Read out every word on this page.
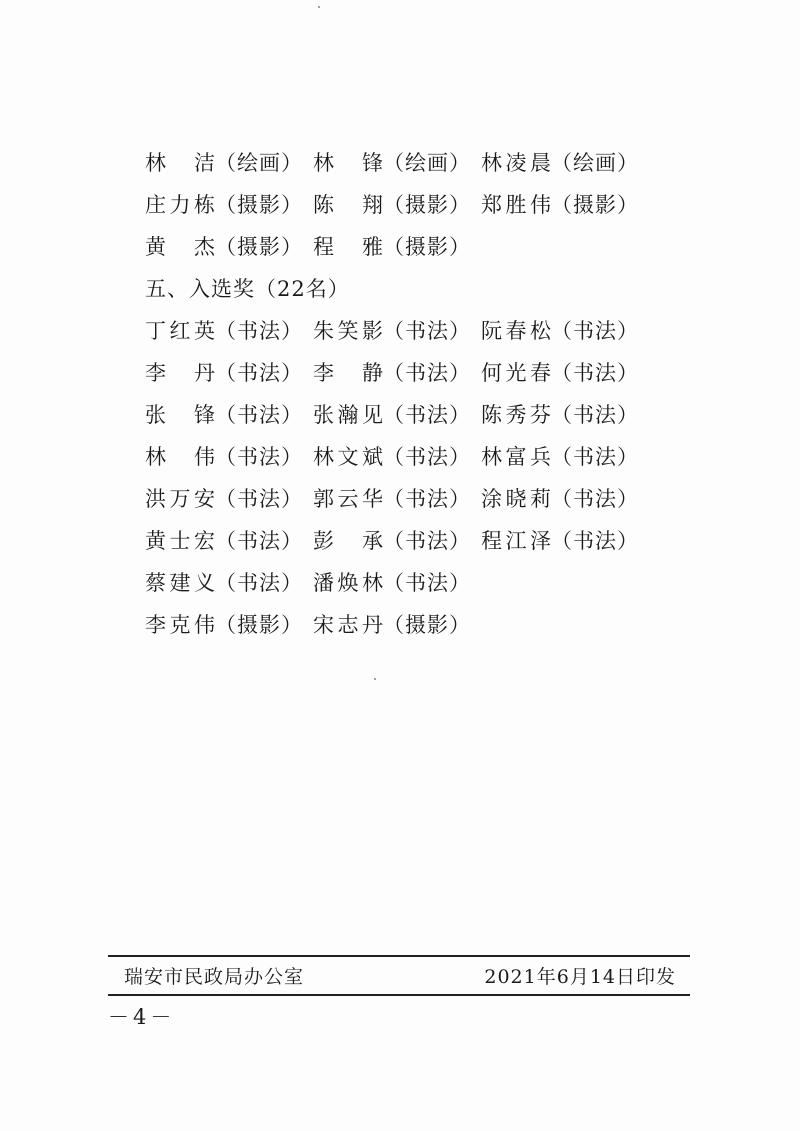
林　洁 （绘画） 林　锋 （绘画） 林凌晨 （绘画）
庄力栋 （摄影） 陈　翔 （摄影） 郑胜伟 （摄影）
黄　杰 （摄影） 程　雅 （摄影）
五、入选奖（22名）
丁红英 （书法） 朱笑影 （书法） 阮春松 （书法）
李　丹 （书法） 李　静 （书法） 何光春 （书法）
张　锋 （书法） 张瀚见 （书法） 陈秀芬 （书法）
林　伟 （书法） 林文斌 （书法） 林富兵 （书法）
洪万安 （书法） 郭云华 （书法） 涂晓莉 （书法）
黄士宏 （书法） 彭　承 （书法） 程江泽 （书法）
蔡建义 （书法） 潘焕林 （书法）
李克伟 （摄影） 宋志丹 （摄影）
瑞安市民政局办公室	2021年6月14日印发
－4－
